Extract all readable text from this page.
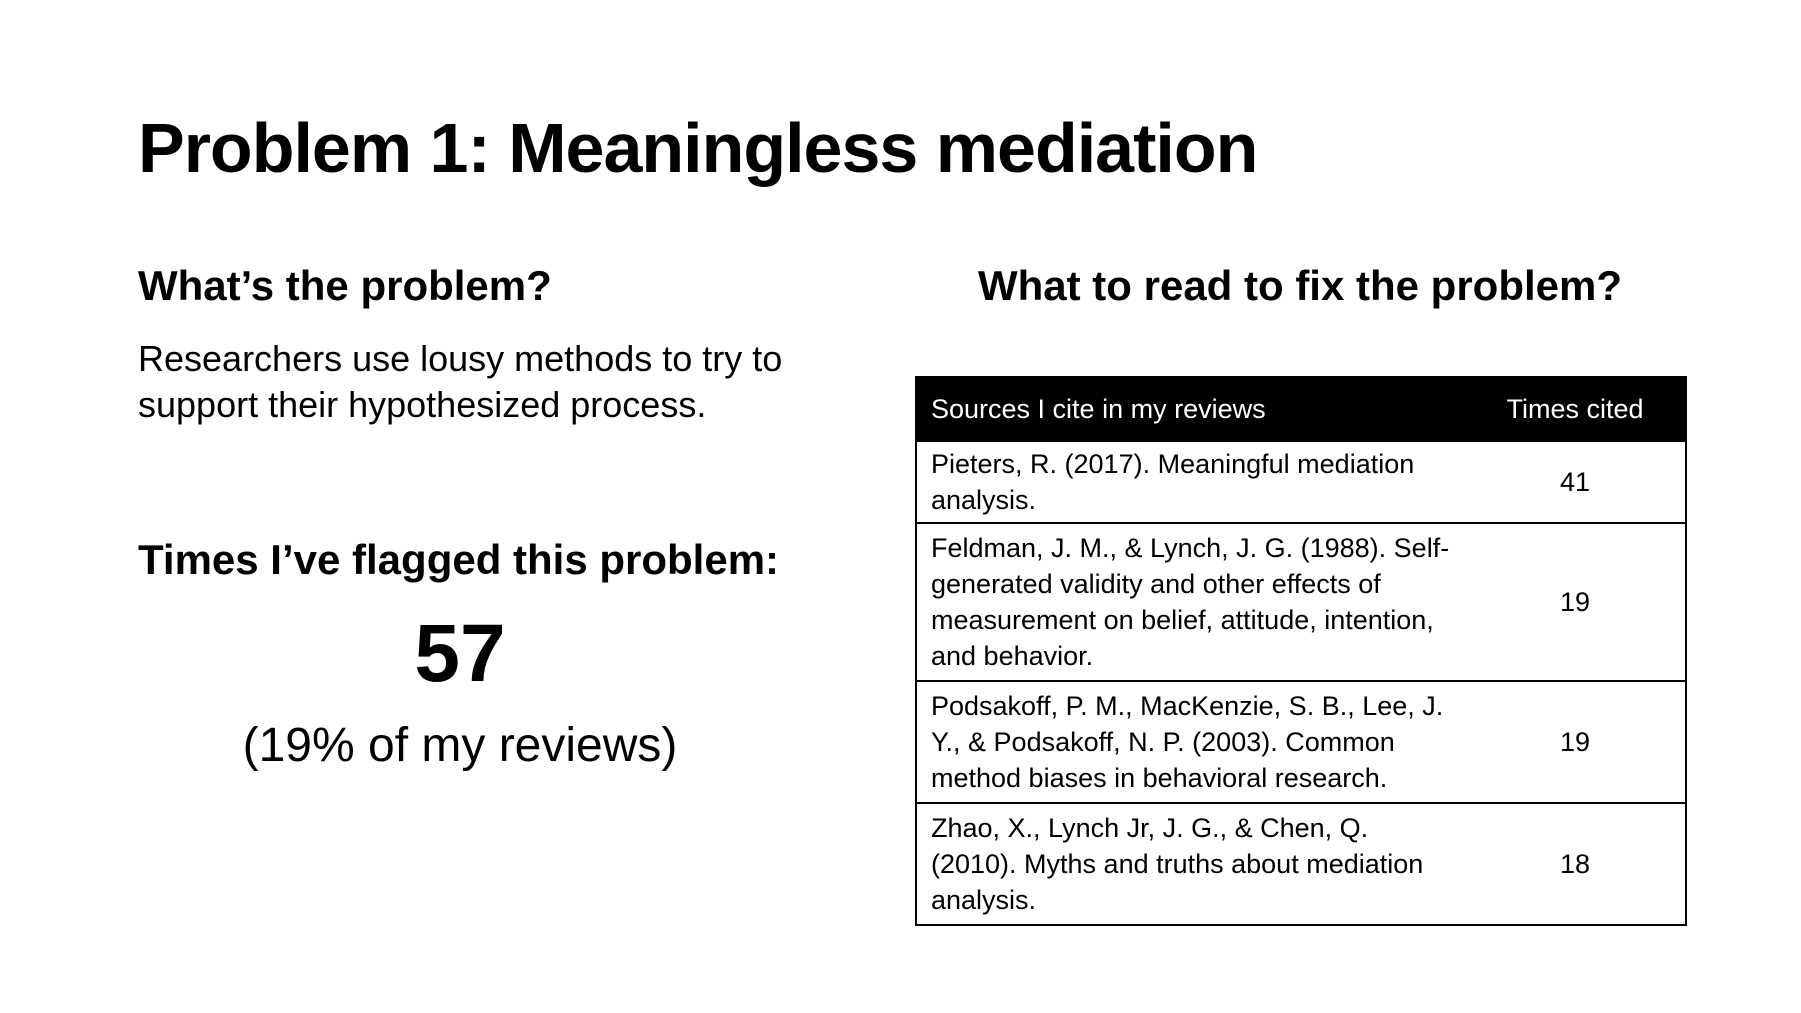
Problem 1: Meaningless mediation
What’s the problem?

Researchers use lousy methods to try to support their hypothesized process.

Times I’ve flagged this problem:
57
(19% of my reviews)
What to read to fix the problem?
Sources I cite in my reviews	Times cited
Pieters, R. (2017). Meaningful mediation analysis.	41
Feldman, J. M., & Lynch, J. G. (1988). Self-generated validity and other effects of measurement on belief, attitude, intention, and behavior.	19
Podsakoff, P. M., MacKenzie, S. B., Lee, J. Y., & Podsakoff, N. P. (2003). Common method biases in behavioral research.	19
Zhao, X., Lynch Jr, J. G., & Chen, Q. (2010). Myths and truths about mediation analysis.	18
